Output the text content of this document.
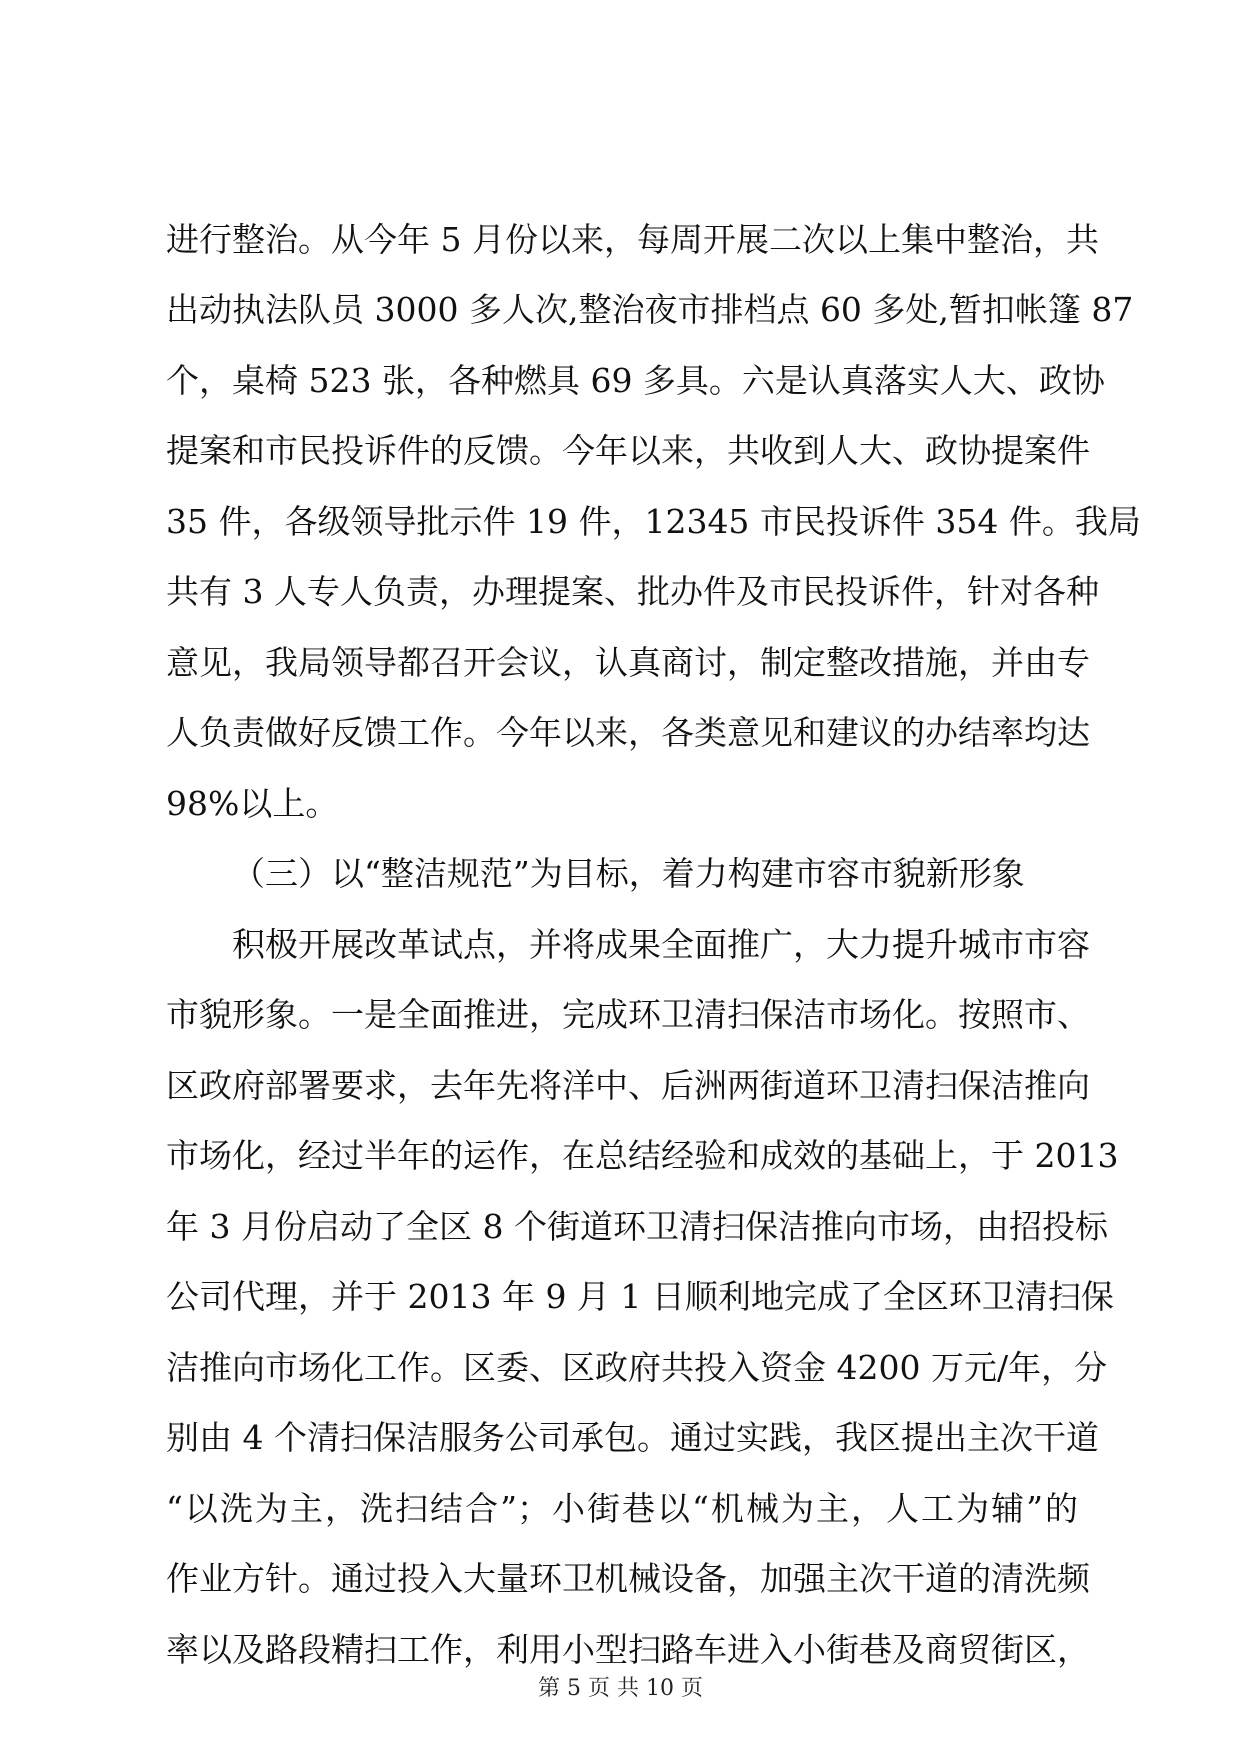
进行整治。从今年 5 月份以来，每周开展二次以上集中整治，共
出动执法队员 3000 多人次,整治夜市排档点 60 多处,暂扣帐篷 87
个，桌椅 523 张，各种燃具 69 多具。六是认真落实人大、政协
提案和市民投诉件的反馈。今年以来，共收到人大、政协提案件
35 件，各级领导批示件 19 件，12345 市民投诉件 354 件。我局
共有 3 人专人负责，办理提案、批办件及市民投诉件，针对各种
意见，我局领导都召开会议，认真商讨，制定整改措施，并由专
人负责做好反馈工作。今年以来，各类意见和建议的办结率均达
98%以上。
（三）以“整洁规范”为目标，着力构建市容市貌新形象
积极开展改革试点，并将成果全面推广，大力提升城市市容
市貌形象。一是全面推进，完成环卫清扫保洁市场化。按照市、
区政府部署要求，去年先将洋中、后洲两街道环卫清扫保洁推向
市场化，经过半年的运作，在总结经验和成效的基础上，于 2013
年 3 月份启动了全区 8 个街道环卫清扫保洁推向市场，由招投标
公司代理，并于 2013 年 9 月 1 日顺利地完成了全区环卫清扫保
洁推向市场化工作。区委、区政府共投入资金 4200 万元/年，分
别由 4 个清扫保洁服务公司承包。通过实践，我区提出主次干道
“以洗为主，洗扫结合”；小街巷以“机械为主，人工为辅”的
作业方针。通过投入大量环卫机械设备，加强主次干道的清洗频
率以及路段精扫工作，利用小型扫路车进入小街巷及商贸街区，
第 5 页 共 10 页
